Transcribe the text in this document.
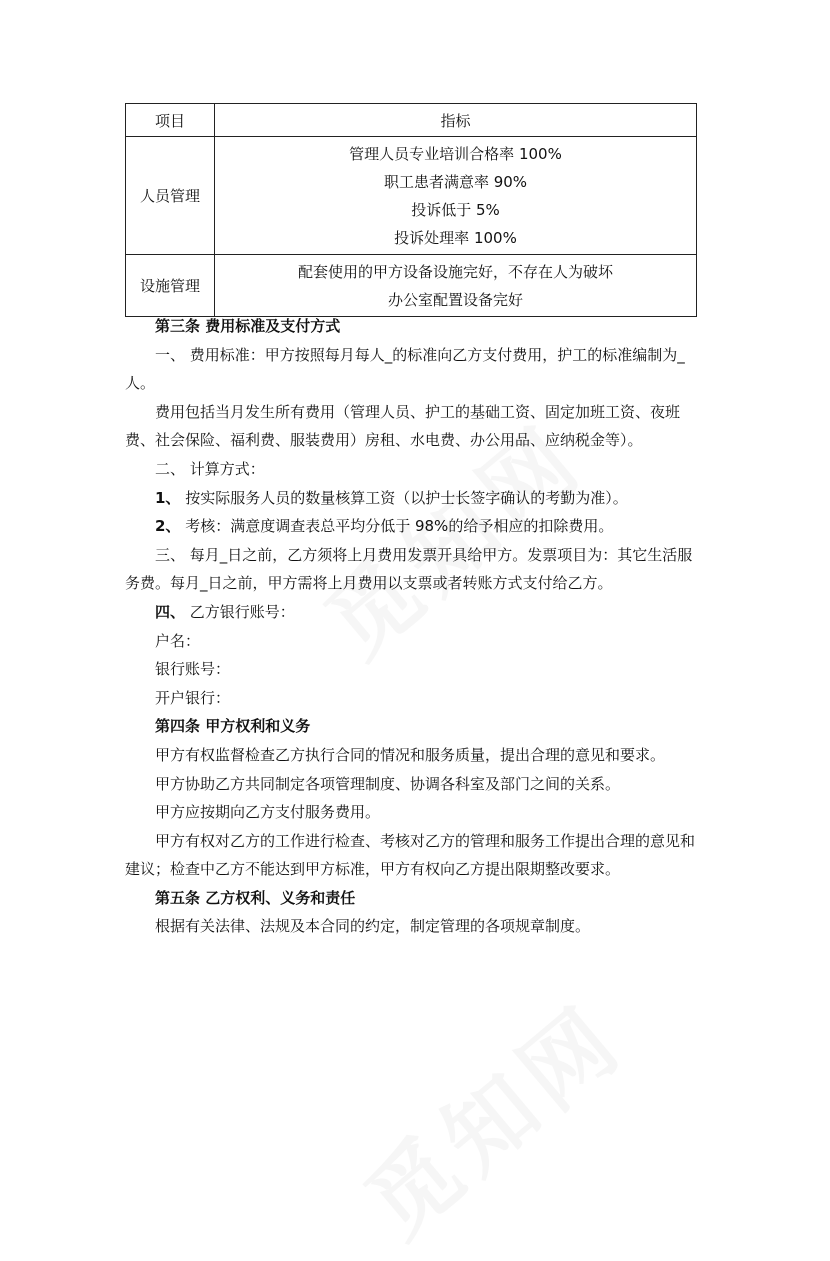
项目	指标
人员管理	管理人员专业培训合格率 100%
职工患者满意率 90%
投诉低于 5%
投诉处理率 100%

设施管理	配套使用的甲方设备设施完好，不存在人为破坏
办公室配置设备完好

第三条 费用标准及支付方式

一、 费用标准：甲方按照每月每人_的标准向乙方支付费用，护工的标准编制为_人。

费用包括当月发生所有费用（管理人员、护工的基础工资、固定加班工资、夜班费、社会保险、福利费、服装费用）房租、水电费、办公用品、应纳税金等）。

二、 计算方式：

1、 按实际服务人员的数量核算工资（以护士长签字确认的考勤为准）。

2、 考核：满意度调查表总平均分低于 98%的给予相应的扣除费用。

三、 每月_日之前，乙方须将上月费用发票开具给甲方。发票项目为：其它生活服务费。每月_日之前，甲方需将上月费用以支票或者转账方式支付给乙方。

四、 乙方银行账号：

户名：

银行账号：

开户银行：

第四条 甲方权利和义务

甲方有权监督检查乙方执行合同的情况和服务质量，提出合理的意见和要求。

甲方协助乙方共同制定各项管理制度、协调各科室及部门之间的关系。

甲方应按期向乙方支付服务费用。

甲方有权对乙方的工作进行检查、考核对乙方的管理和服务工作提出合理的意见和建议；检查中乙方不能达到甲方标准，甲方有权向乙方提出限期整改要求。

第五条 乙方权利、义务和责任

根据有关法律、法规及本合同的约定，制定管理的各项规章制度。
